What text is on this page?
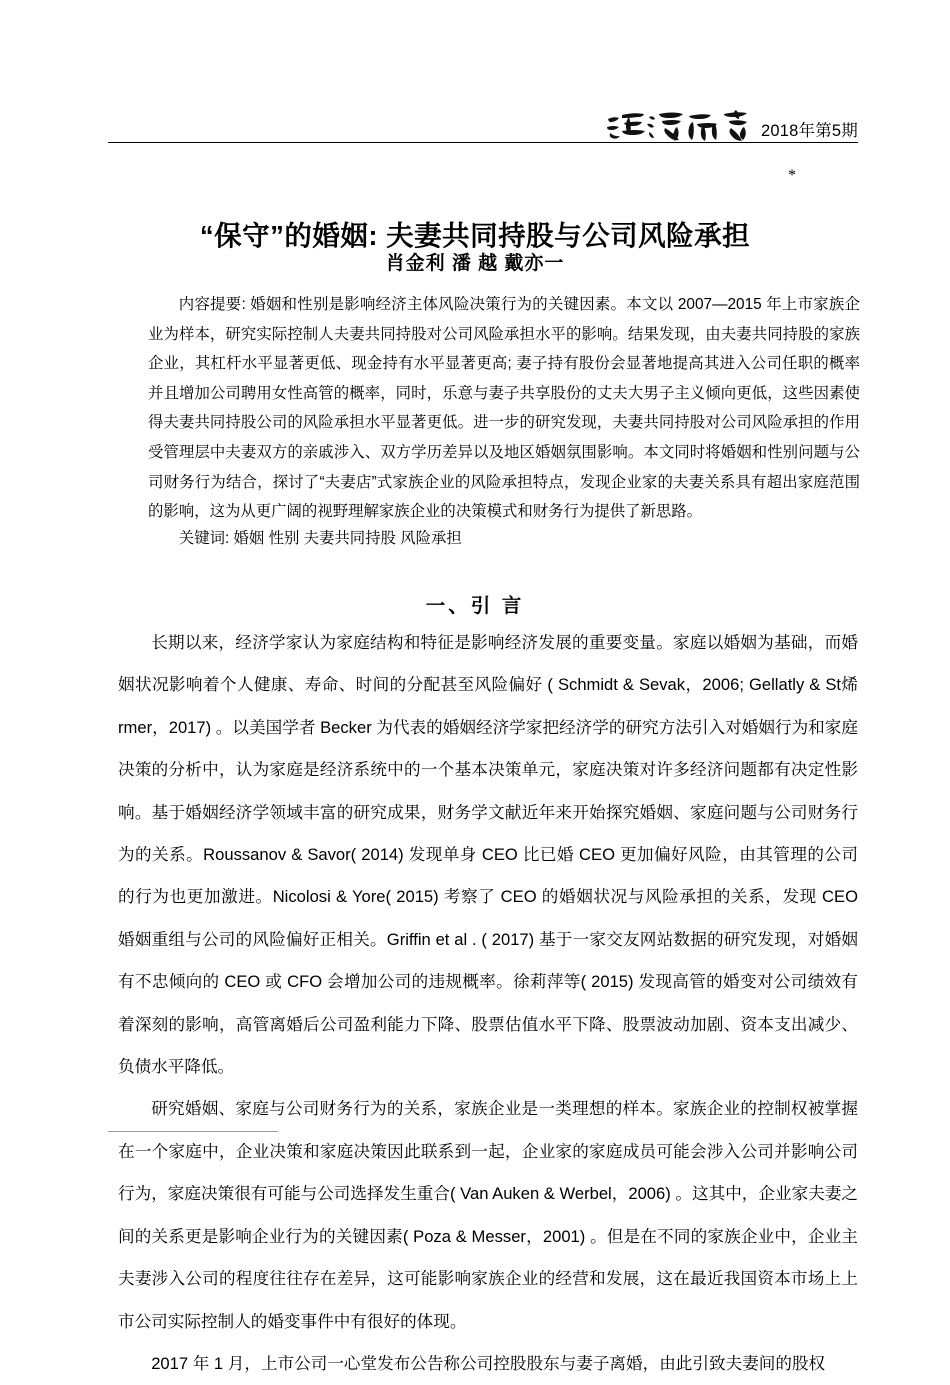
2018年第5期
*
“保守”的婚姻: 夫妻共同持股与公司风险承担
肖金利 潘 越 戴亦一
内容提要: 婚姻和性别是影响经济主体风险决策行为的关键因素。本文以 2007—2015 年上市家族企业为样本，研究实际控制人夫妻共同持股对公司风险承担水平的影响。结果发现，由夫妻共同持股的家族企业，其杠杆水平显著更低、现金持有水平显著更高; 妻子持有股份会显著地提高其进入公司任职的概率并且增加公司聘用女性高管的概率，同时，乐意与妻子共享股份的丈夫大男子主义倾向更低，这些因素使得夫妻共同持股公司的风险承担水平显著更低。进一步的研究发现，夫妻共同持股对公司风险承担的作用受管理层中夫妻双方的亲戚涉入、双方学历差异以及地区婚姻氛围影响。本文同时将婚姻和性别问题与公司财务行为结合，探讨了“夫妻店”式家族企业的风险承担特点，发现企业家的夫妻关系具有超出家庭范围的影响，这为从更广阔的视野理解家族企业的决策模式和财务行为提供了新思路。
关键词: 婚姻 性别 夫妻共同持股 风险承担
一、引 言

长期以来，经济学家认为家庭结构和特征是影响经济发展的重要变量。家庭以婚姻为基础，而婚姻状况影响着个人健康、寿命、时间的分配甚至风险偏好 ( Schmidt & Sevak，2006; Gellatly & St烯rmer，2017) 。以美国学者 Becker 为代表的婚姻经济学家把经济学的研究方法引入对婚姻行为和家庭决策的分析中，认为家庭是经济系统中的一个基本决策单元，家庭决策对许多经济问题都有决定性影响。基于婚姻经济学领域丰富的研究成果，财务学文献近年来开始探究婚姻、家庭问题与公司财务行为的关系。Roussanov & Savor( 2014) 发现单身 CEO 比已婚 CEO 更加偏好风险，由其管理的公司的行为也更加激进。Nicolosi & Yore( 2015) 考察了 CEO 的婚姻状况与风险承担的关系，发现 CEO 婚姻重组与公司的风险偏好正相关。Griffin et al . ( 2017) 基于一家交友网站数据的研究发现，对婚姻有不忠倾向的 CEO 或 CFO 会增加公司的违规概率。徐莉萍等( 2015) 发现高管的婚变对公司绩效有着深刻的影响，高管离婚后公司盈利能力下降、股票估值水平下降、股票波动加剧、资本支出减少、负债水平降低。

研究婚姻、家庭与公司财务行为的关系，家族企业是一类理想的样本。家族企业的控制权被掌握在一个家庭中，企业决策和家庭决策因此联系到一起，企业家的家庭成员可能会涉入公司并影响公司行为，家庭决策很有可能与公司选择发生重合( Van Auken & Werbel，2006) 。这其中，企业家夫妻之间的关系更是影响企业行为的关键因素( Poza & Messer，2001) 。但是在不同的家族企业中，企业主夫妻涉入公司的程度往往存在差异，这可能影响家族企业的经营和发展，这在最近我国资本市场上上市公司实际控制人的婚变事件中有很好的体现。

2017 年 1 月，上市公司一心堂发布公告称公司控股股东与妻子离婚，由此引致夫妻间的股权
